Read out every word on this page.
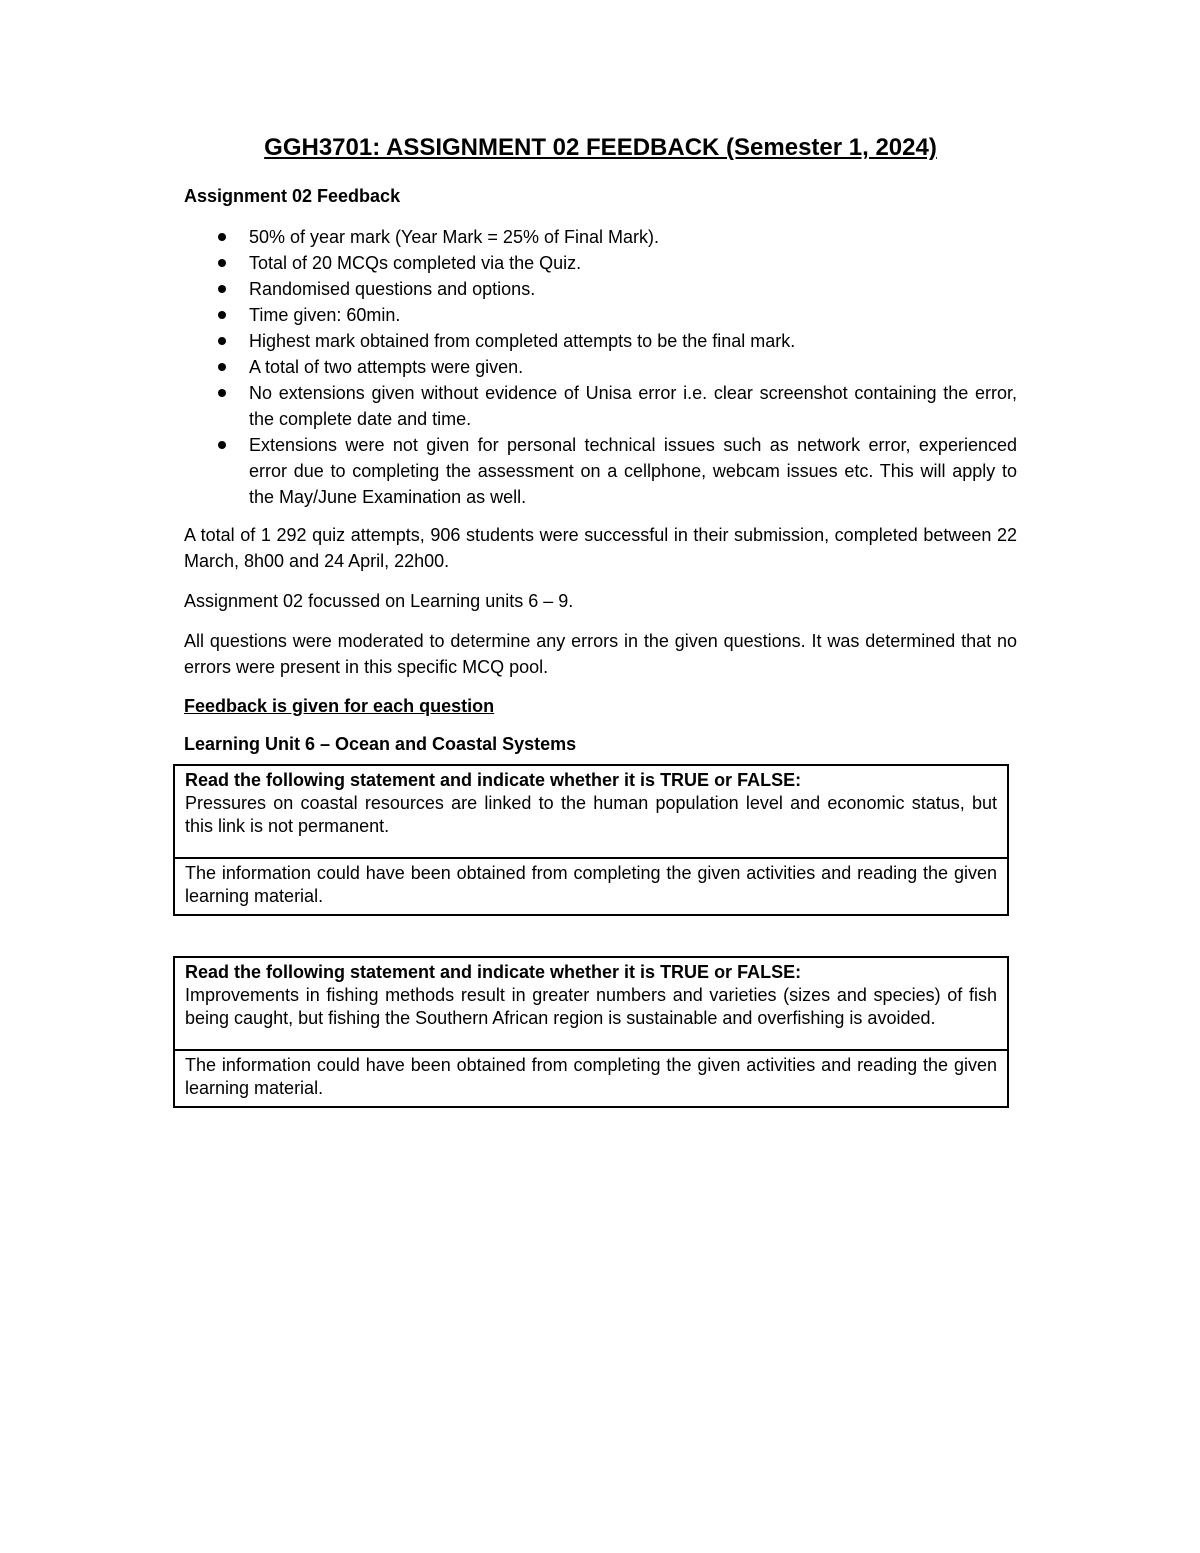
GGH3701: ASSIGNMENT 02 FEEDBACK (Semester 1, 2024)
Assignment 02 Feedback
50% of year mark (Year Mark = 25% of Final Mark).
Total of 20 MCQs completed via the Quiz.
Randomised questions and options.
Time given: 60min.
Highest mark obtained from completed attempts to be the final mark.
A total of two attempts were given.
No extensions given without evidence of Unisa error i.e. clear screenshot containing the error, the complete date and time.
Extensions were not given for personal technical issues such as network error, experienced error due to completing the assessment on a cellphone, webcam issues etc. This will apply to the May/June Examination as well.

A total of 1 292 quiz attempts, 906 students were successful in their submission, completed between 22 March, 8h00 and 24 April, 22h00.

Assignment 02 focussed on Learning units 6 – 9.

All questions were moderated to determine any errors in the given questions. It was determined that no errors were present in this specific MCQ pool.

Feedback is given for each question
Learning Unit 6 – Ocean and Coastal Systems
Read the following statement and indicate whether it is TRUE or FALSE:
Pressures on coastal resources are linked to the human population level and economic status, but this link is not permanent.

The information could have been obtained from completing the given activities and reading the given learning material.
Read the following statement and indicate whether it is TRUE or FALSE:
Improvements in fishing methods result in greater numbers and varieties (sizes and species) of fish being caught, but fishing the Southern African region is sustainable and overfishing is avoided.

The information could have been obtained from completing the given activities and reading the given learning material.
